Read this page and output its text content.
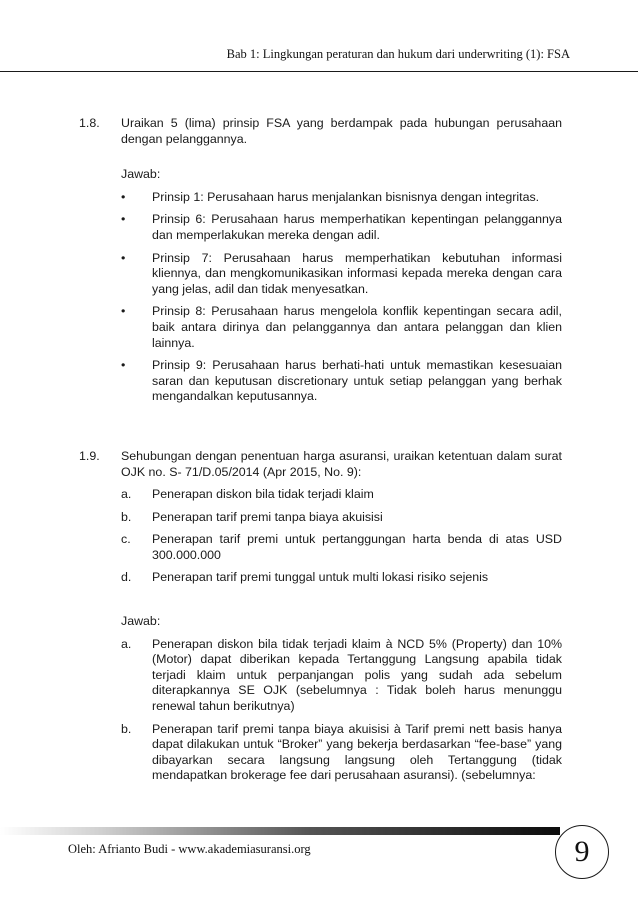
Bab 1: Lingkungan peraturan dan hukum dari underwriting (1): FSA
1.8. Uraikan 5 (lima) prinsip FSA yang berdampak pada hubungan perusahaan dengan pelanggannya.

Jawab:

• Prinsip 1: Perusahaan harus menjalankan bisnisnya dengan integritas.
• Prinsip 6: Perusahaan harus memperhatikan kepentingan pelanggannya dan memperlakukan mereka dengan adil.
• Prinsip 7: Perusahaan harus memperhatikan kebutuhan informasi kliennya, dan mengkomunikasikan informasi kepada mereka dengan cara yang jelas, adil dan tidak menyesatkan.
• Prinsip 8: Perusahaan harus mengelola konflik kepentingan secara adil, baik antara dirinya dan pelanggannya dan antara pelanggan dan klien lainnya.
• Prinsip 9: Perusahaan harus berhati-hati untuk memastikan kesesuaian saran dan keputusan discretionary untuk setiap pelanggan yang berhak mengandalkan keputusannya.
1.9. Sehubungan dengan penentuan harga asuransi, uraikan ketentuan dalam surat OJK no. S- 71/D.05/2014 (Apr 2015, No. 9):

a. Penerapan diskon bila tidak terjadi klaim
b. Penerapan tarif premi tanpa biaya akuisisi
c. Penerapan tarif premi untuk pertanggungan harta benda di atas USD 300.000.000
d. Penerapan tarif premi tunggal untuk multi lokasi risiko sejenis

Jawab:

a. Penerapan diskon bila tidak terjadi klaim à NCD 5% (Property) dan 10% (Motor) dapat diberikan kepada Tertanggung Langsung apabila tidak terjadi klaim untuk perpanjangan polis yang sudah ada sebelum diterapkannya SE OJK (sebelumnya : Tidak boleh harus menunggu renewal tahun berikutnya)
b. Penerapan tarif premi tanpa biaya akuisisi à Tarif premi nett basis hanya dapat dilakukan untuk “Broker” yang bekerja berdasarkan “fee-base” yang dibayarkan secara langsung langsung oleh Tertanggung (tidak mendapatkan brokerage fee dari perusahaan asuransi). (sebelumnya:
Oleh: Afrianto Budi - www.akademiasuransi.org	9
